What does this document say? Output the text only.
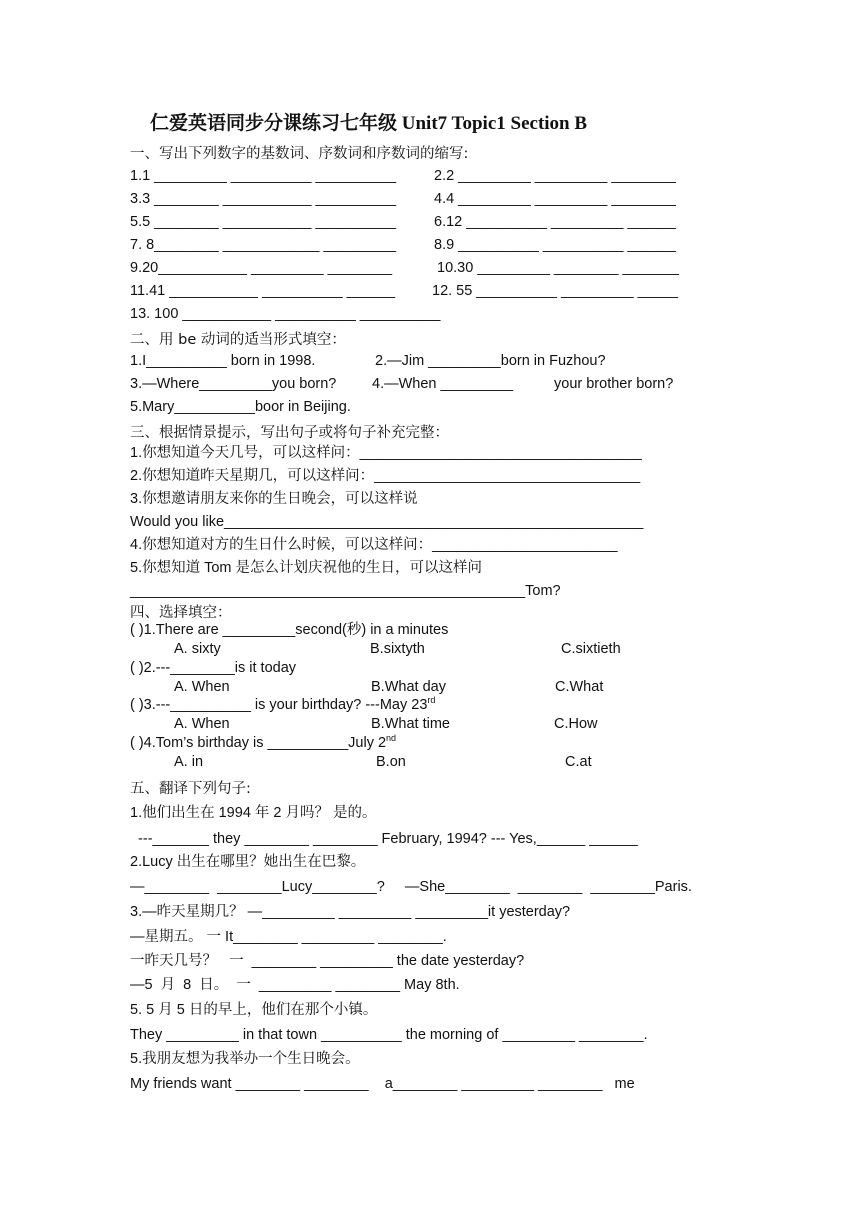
仁爱英语同步分课练习七年级 Unit7 Topic1 Section B
一、写出下列数字的基数词、序数词和序数词的缩写:
1.1 _________ __________ __________	2.2 _________ _________ ________
3.3 ________ ___________ __________	4.4 _________ _________ ________
5.5 ________ ___________ __________	6.12 __________ _________ ______
7. 8________ ____________ _________	8.9 __________ __________ ______
9.20___________ _________ ________	10.30 _________ ________ _______
11.41 ___________ __________ ______	12. 55 __________ _________ _____
13. 100 ___________ __________ __________
二、用 be 动词的适当形式填空：
1.I__________ born in 1998.	2.—Jim _________born in Fuzhou?
3.—Where_________you born? 4.—When _________	your brother born?
5.Mary__________boor in Beijing.
三、根据情景提示，写出句子或将句子补充完整：
1.你想知道今天几号，可以这样问：___________________________________
2.你想知道昨天星期几，可以这样问：_________________________________
3.你想邀请朋友来你的生日晚会，可以这样说
Would you like____________________________________________________
4.你想知道对方的生日什么时候，可以这样问：_______________________
5.你想知道 Tom 是怎么计划庆祝他的生日，可以这样问
_________________________________________________Tom?
四、选择填空：
( )1.There are _________second(秒) in a minutes
A. sixty	B.sixtyth	C.sixtieth
( )2.---________is it today
A. When	B.What day	C.What
( )3.---__________ is your birthday? ---May 23rd
A. When	B.What time	C.How
( )4.Tom’s birthday is __________July 2nd
A. in	B.on	C.at
五、翻译下列句子:
1.他们出生在 1994 年 2 月吗？ 是的。
---_______ they ________ ________ February, 1994? --- Yes,______ ______
2.Lucy 出生在哪里？她出生在巴黎。
—________  ________Lucy________?     —She________  ________  ________Paris.
3.—昨天星期几？ —_________ _________ _________it yesterday?
—星期五。 一 It________ _________ ________.
一昨天几号？   一  ________ _________ the date yesterday?
—5  月  8  日。  一  _________ ________ May 8th.
5. 5 月 5 日的早上，他们在那个小镇。
They _________ in that town __________ the morning of _________ ________.
5.我朋友想为我举办一个生日晚会。
My friends want ________ ________    a________ _________ ________   me
